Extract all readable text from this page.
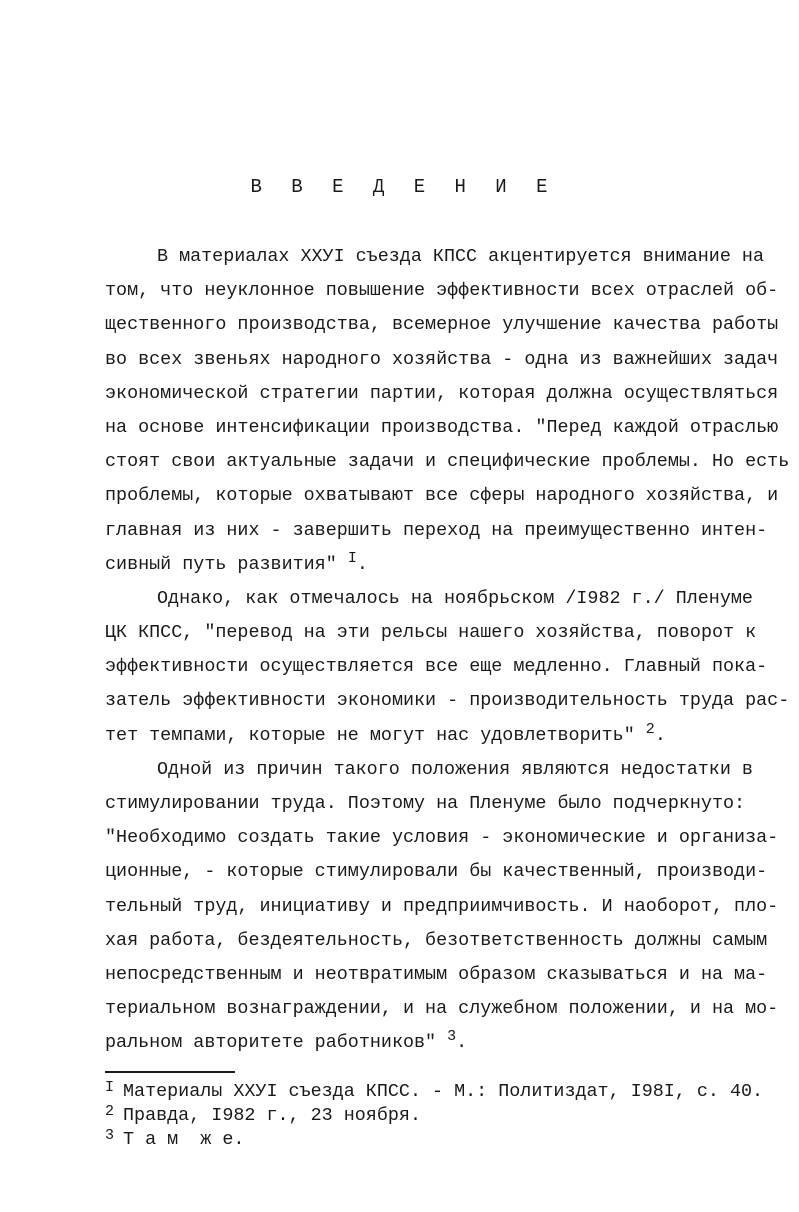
В В Е Д Е Н И Е
В материалах ХХУI съезда КПСС акцентируется внимание на
том, что неуклонное повышение эффективности всех отраслей об-
щественного производства, всемерное улучшение качества работы
во всех звеньях народного хозяйства - одна из важнейших задач
экономической стратегии партии, которая должна осуществляться
на основе интенсификации производства. "Перед каждой отраслью
стоят свои актуальные задачи и специфические проблемы. Но есть
проблемы, которые охватывают все сферы народного хозяйства, и
главная из них - завершить переход на преимущественно интен-
сивный путь развития" $^I$.
Однако, как отмечалось на ноябрьском /I982 г./ Пленуме
ЦК КПСС, "перевод на эти рельсы нашего хозяйства, поворот к
эффективности осуществляется все еще медленно. Главный пока-
затель эффективности экономики - производительность труда рас-
тет темпами, которые не могут нас удовлетворить" $^2$.
Одной из причин такого положения являются недостатки в
стимулировании труда. Поэтому на Пленуме было подчеркнуто:
"Необходимо создать такие условия - экономические и организа-
ционные, - которые стимулировали бы качественный, производи-
тельный труд, инициативу и предприимчивость. И наоборот, пло-
хая работа, бездеятельность, безответственность должны самым
непосредственным и неотвратимым образом сказываться и на ма-
териальном вознаграждении, и на служебном положении, и на мо-
ральном авторитете работников" $^3$.
I Материалы ХХУI съезда КПСС. - М.: Политиздат, I98I, с. 40.
2 Правда, I982 г., 23 ноября.
3 Т а м  ж е.
